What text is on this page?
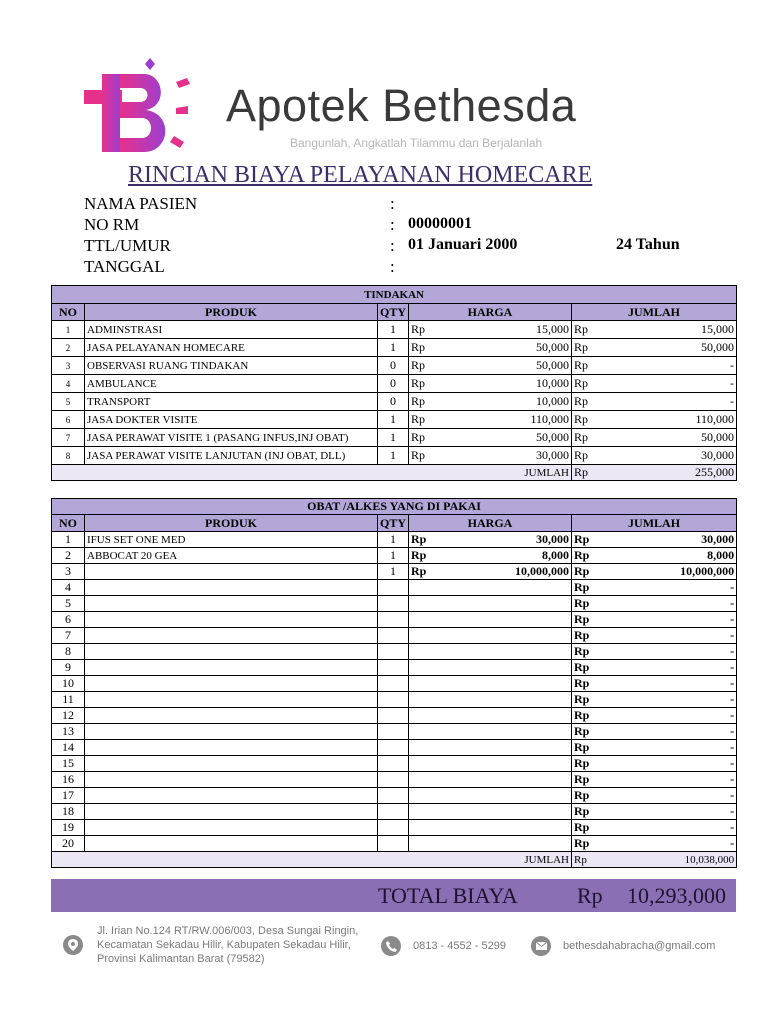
Apotek Bethesda
Bangunlah, Angkatlah Tilammu dan Berjalanlah
RINCIAN BIAYA PELAYANAN HOMECARE
NAMA PASIEN	:
NO RM	: 00000001
TTL/UMUR	: 01 Januari 2000	24 Tahun
TANGGAL	:
TINDAKAN						
NO	PRODUK	QTY	HARGA		JUMLAH	
1	ADMINSTRASI	1	Rp	15,000	Rp	15,000
2	JASA PELAYANAN HOMECARE	1	Rp	50,000	Rp	50,000
3	OBSERVASI RUANG TINDAKAN	0	Rp	50,000	Rp	-
4	AMBULANCE	0	Rp	10,000	Rp	-
5	TRANSPORT	0	Rp	10,000	Rp	-
6	JASA DOKTER VISITE	1	Rp	110,000	Rp	110,000
7	JASA PERAWAT VISITE 1 (PASANG INFUS,INJ OBAT)	1	Rp	50,000	Rp	50,000
8	JASA PERAWAT VISITE LANJUTAN (INJ OBAT, DLL)	1	Rp	30,000	Rp	30,000
JUMLAH					Rp	255,000
OBAT /ALKES YANG DI PAKAI						
NO	PRODUK	QTY	HARGA		JUMLAH	
1	IFUS SET ONE MED	1	Rp	30,000	Rp	30,000
2	ABBOCAT 20 GEA	1	Rp	8,000	Rp	8,000
3		1	Rp	10,000,000	Rp	10,000,000
4					Rp	-
5					Rp	-
6					Rp	-
7					Rp	-
8					Rp	-
9					Rp	-
10					Rp	-
11					Rp	-
12					Rp	-
13					Rp	-
14					Rp	-
15					Rp	-
16					Rp	-
17					Rp	-
18					Rp	-
19					Rp	-
20					Rp	-
JUMLAH					Rp	10,038,000
TOTAL BIAYA	Rp 10,293,000
Jl. Irian No.124 RT/RW.006/003, Desa Sungai Ringin,
Kecamatan Sekadau Hilir, Kabupaten Sekadau Hilir,
Provinsi Kalimantan Barat (79582)
0813 - 4552 - 5299	bethesdahabracha@gmail.com
